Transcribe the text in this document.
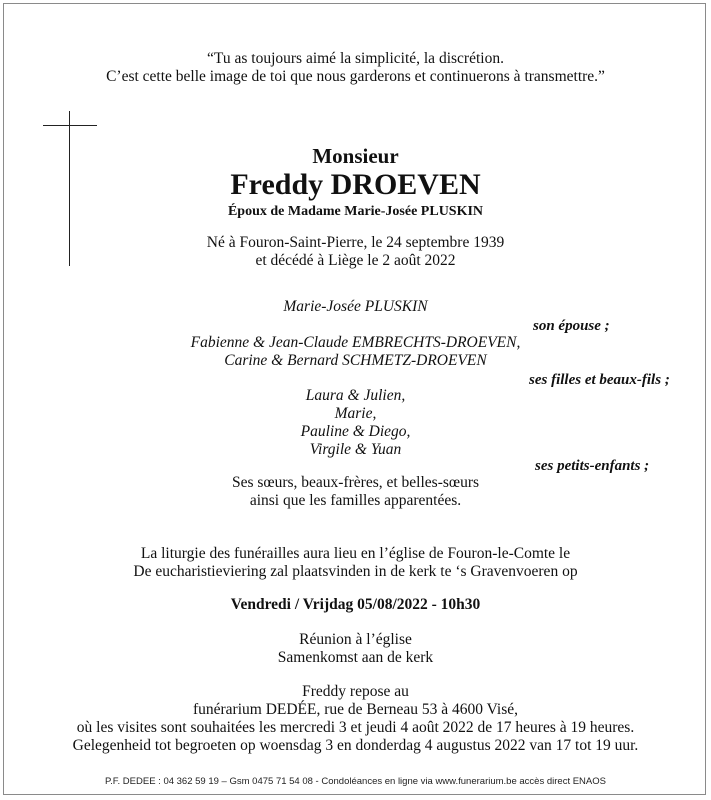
“Tu as toujours aimé la simplicité, la discrétion.
C’est cette belle image de toi que nous garderons et continuerons à transmettre.”
Monsieur
Freddy DROEVEN
Époux de Madame Marie-Josée PLUSKIN
Né à Fouron-Saint-Pierre, le 24 septembre 1939
et décédé à Liège le 2 août 2022
Marie-Josée PLUSKIN
son épouse ;
Fabienne & Jean-Claude EMBRECHTS-DROEVEN,
Carine & Bernard SCHMETZ-DROEVEN
ses filles et beaux-fils ;
Laura & Julien,
Marie,
Pauline & Diego,
Virgile & Yuan
ses petits-enfants ;
Ses sœurs, beaux-frères, et belles-sœurs
ainsi que les familles apparentées.
La liturgie des funérailles aura lieu en l’église de Fouron-le-Comte le
De eucharistieviering zal plaatsvinden in de kerk te ‘s Gravenvoeren op
Vendredi / Vrijdag 05/08/2022 - 10h30
Réunion à l’église
Samenkomst aan de kerk
Freddy repose au
funérarium DEDÉE, rue de Berneau 53 à 4600 Visé,
où les visites sont souhaitées les mercredi 3 et jeudi 4 août 2022 de 17 heures à 19 heures.
Gelegenheid tot begroeten op woensdag 3 en donderdag 4 augustus 2022 van 17 tot 19 uur.
P.F. DEDEE : 04 362 59 19 – Gsm 0475 71 54 08 - Condoléances en ligne via www.funerarium.be accès direct ENAOS
